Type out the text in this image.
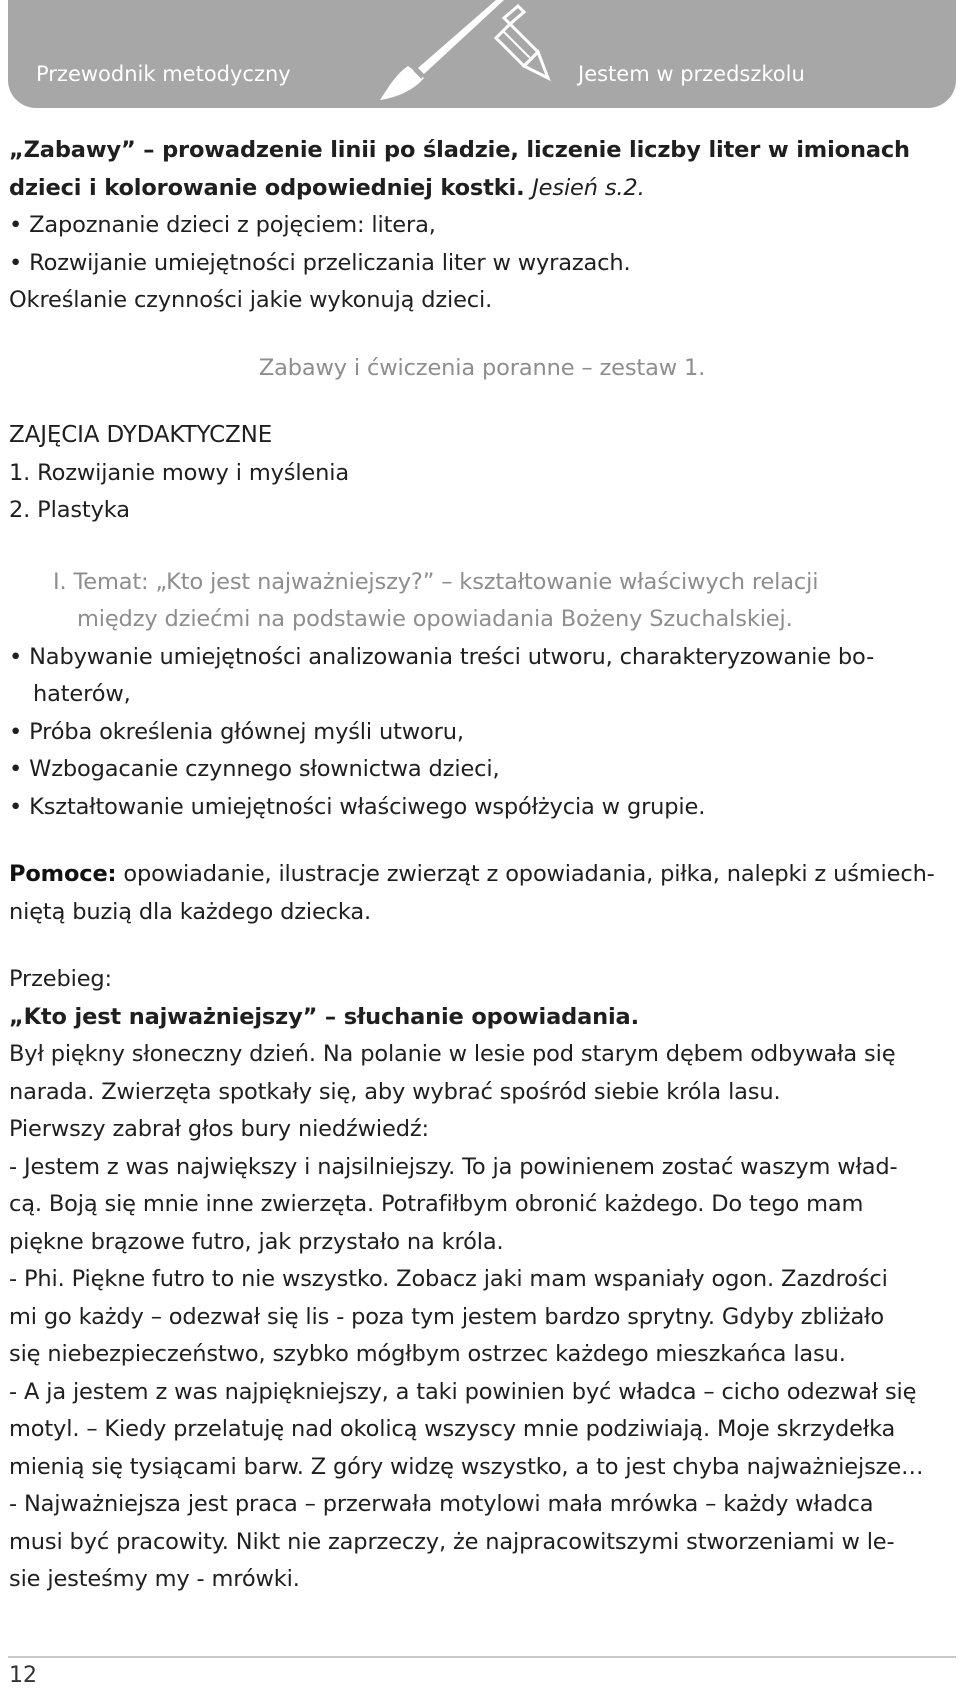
Przewodnik metodyczny	Jestem w przedszkolu

„Zabawy” – prowadzenie linii po śladzie, liczenie liczby liter w imionach

dzieci i kolorowanie odpowiedniej kostki. Jesień s.2.

• Zapoznanie dzieci z pojęciem: litera,

• Rozwijanie umiejętności przeliczania liter w wyrazach.

Określanie czynności jakie wykonują dzieci.

Zabawy i ćwiczenia poranne – zestaw 1.

ZAJĘCIA DYDAKTYCZNE

1. Rozwijanie mowy i myślenia

2. Plastyka

I. Temat: „Kto jest najważniejszy?” – kształtowanie właściwych relacji

między dziećmi na podstawie opowiadania Bożeny Szuchalskiej.

• Nabywanie umiejętności analizowania treści utworu, charakteryzowanie bo-

haterów,

• Próba określenia głównej myśli utworu,

• Wzbogacanie czynnego słownictwa dzieci,

• Kształtowanie umiejętności właściwego współżycia w grupie.

Pomoce: opowiadanie, ilustracje zwierząt z opowiadania, piłka, nalepki z uśmiech-

niętą buzią dla każdego dziecka.

Przebieg:

„Kto jest najważniejszy” – słuchanie opowiadania.

Był piękny słoneczny dzień. Na polanie w lesie pod starym dębem odbywała się

narada. Zwierzęta spotkały się, aby wybrać spośród siebie króla lasu.

Pierwszy zabrał głos bury niedźwiedź:

- Jestem z was największy i najsilniejszy. To ja powinienem zostać waszym wład-

cą. Boją się mnie inne zwierzęta. Potrafiłbym obronić każdego. Do tego mam

piękne brązowe futro, jak przystało na króla.

- Phi. Piękne futro to nie wszystko. Zobacz jaki mam wspaniały ogon. Zazdrości

mi go każdy – odezwał się lis - poza tym jestem bardzo sprytny. Gdyby zbliżało

się niebezpieczeństwo, szybko mógłbym ostrzec każdego mieszkańca lasu.

- A ja jestem z was najpiękniejszy, a taki powinien być władca – cicho odezwał się

motyl. – Kiedy przelatuję nad okolicą wszyscy mnie podziwiają. Moje skrzydełka

mienią się tysiącami barw. Z góry widzę wszystko, a to jest chyba najważniejsze…

- Najważniejsza jest praca – przerwała motylowi mała mrówka – każdy władca

musi być pracowity. Nikt nie zaprzeczy, że najpracowitszymi stworzeniami w le-

sie jesteśmy my - mrówki.

12
